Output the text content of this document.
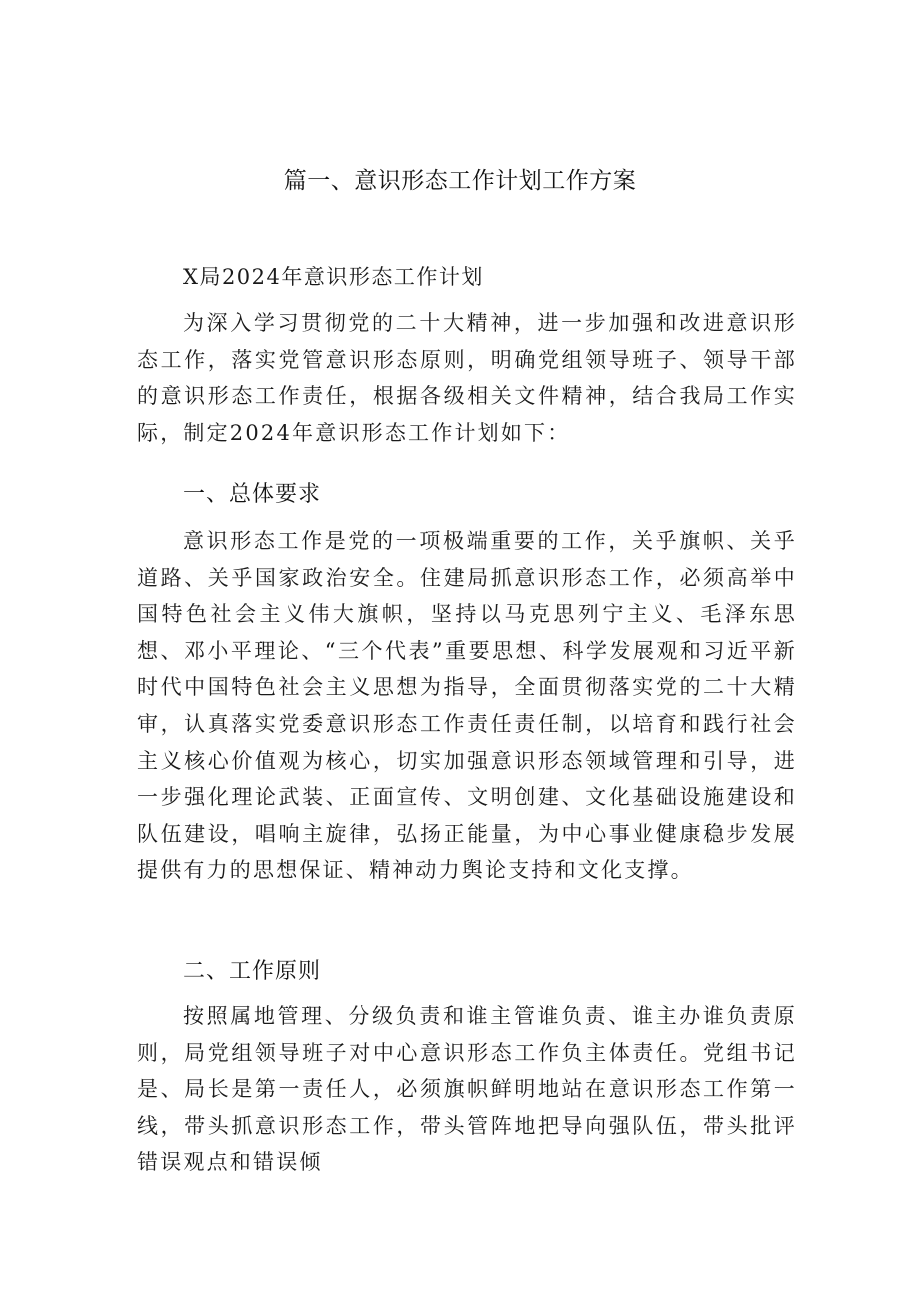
篇一、意识形态工作计划工作方案
X局2024年意识形态工作计划

为深入学习贯彻党的二十大精神，进一步加强和改进意识形态工作，落实党管意识形态原则，明确党组领导班子、领导干部的意识形态工作责任，根据各级相关文件精神，结合我局工作实际，制定2024年意识形态工作计划如下：

一、总体要求

意识形态工作是党的一项极端重要的工作，关乎旗帜、关乎道路、关乎国家政治安全。住建局抓意识形态工作，必须高举中国特色社会主义伟大旗帜，坚持以马克思列宁主义、毛泽东思想、邓小平理论、“三个代表”重要思想、科学发展观和习近平新时代中国特色社会主义思想为指导，全面贯彻落实党的二十大精审，认真落实党委意识形态工作责任责任制，以培育和践行社会主义核心价值观为核心，切实加强意识形态领域管理和引导，进一步强化理论武装、正面宣传、文明创建、文化基础设施建设和队伍建设，唱响主旋律，弘扬正能量，为中心事业健康稳步发展提供有力的思想保证、精神动力舆论支持和文化支撑。

二、工作原则

按照属地管理、分级负责和谁主管谁负责、谁主办谁负责原则，局党组领导班子对中心意识形态工作负主体责任。党组书记是、局长是第一责任人，必须旗帜鲜明地站在意识形态工作第一线，带头抓意识形态工作，带头管阵地把导向强队伍，带头批评错误观点和错误倾
